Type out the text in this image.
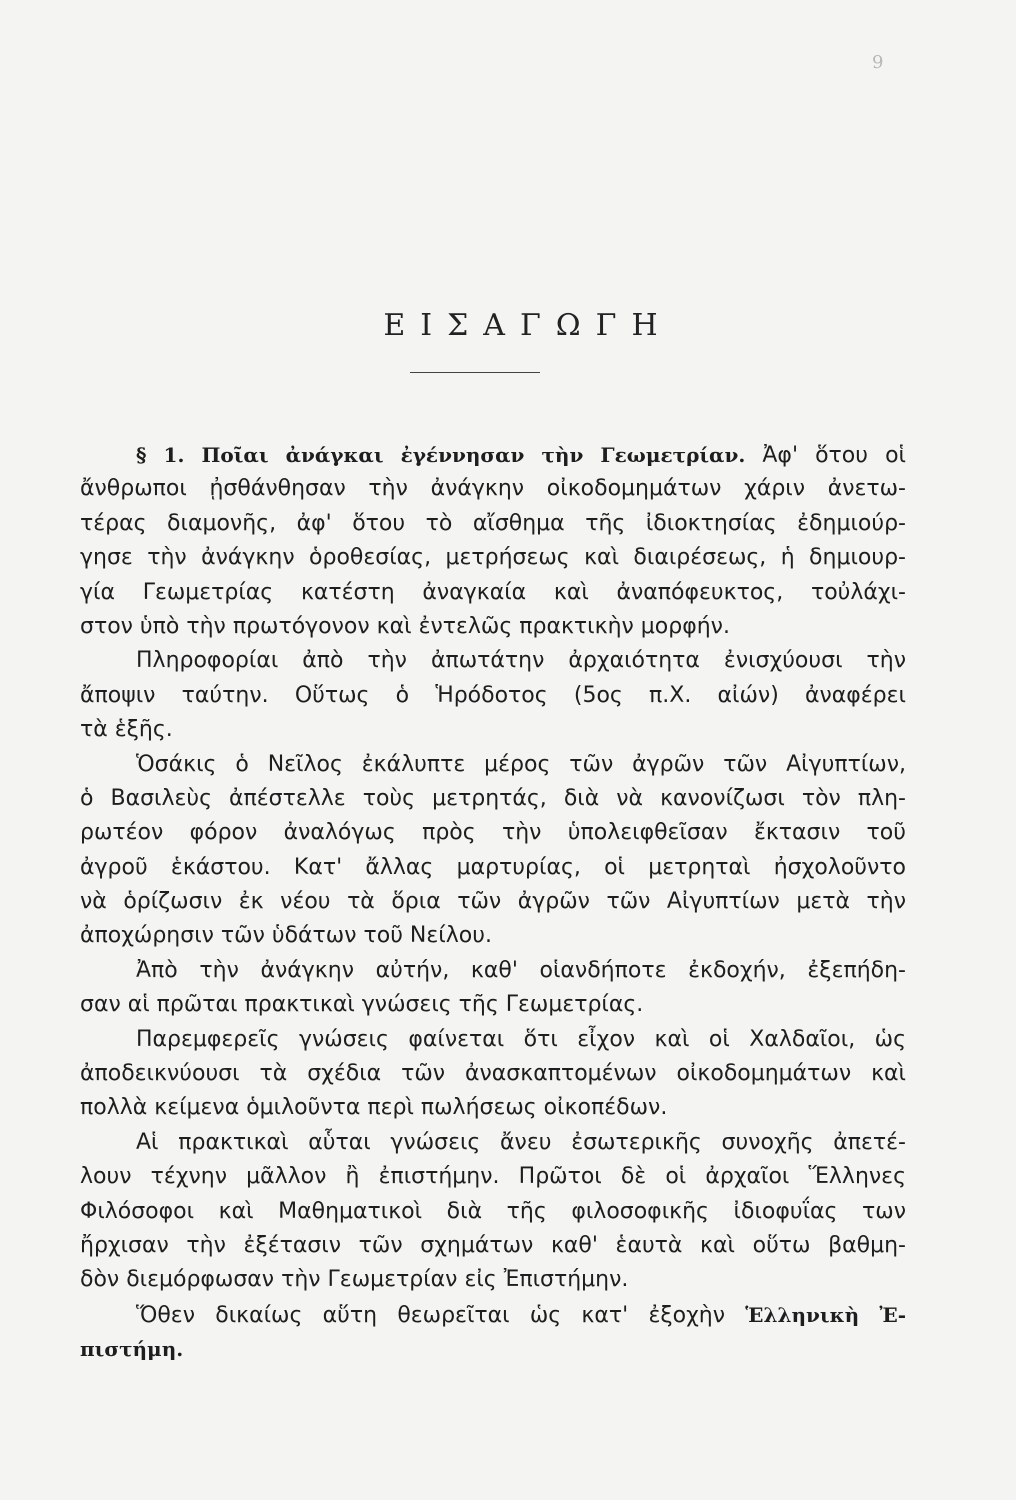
9
ΕΙΣΑΓΩΓΗ
§ 1. Ποῖαι ἀνάγκαι ἐγέννησαν τὴν Γεωμετρίαν. Ἀφ' ὅτου οἱ
ἄνθρωποι ᾐσθάνθησαν τὴν ἀνάγκην οἰκοδομημάτων χάριν ἀνετω-
τέρας διαμονῆς, ἀφ' ὅτου τὸ αἴσθημα τῆς ἰδιοκτησίας ἐδημιούρ-
γησε τὴν ἀνάγκην ὁροθεσίας, μετρήσεως καὶ διαιρέσεως, ἡ δημιουρ-
γία Γεωμετρίας κατέστη ἀναγκαία καὶ ἀναπόφευκτος, τοὐλάχι-
στον ὑπὸ τὴν πρωτόγονον καὶ ἐντελῶς πρακτικὴν μορφήν.
Πληροφορίαι ἀπὸ τὴν ἀπωτάτην ἀρχαιότητα ἐνισχύουσι τὴν
ἄποψιν ταύτην. Οὕτως ὁ Ἡρόδοτος (5ος π.Χ. αἰών) ἀναφέρει
τὰ ἑξῆς.
Ὁσάκις ὁ Νεῖλος ἐκάλυπτε μέρος τῶν ἀγρῶν τῶν Αἰγυπτίων,
ὁ Βασιλεὺς ἀπέστελλε τοὺς μετρητάς, διὰ νὰ κανονίζωσι τὸν πλη-
ρωτέον φόρον ἀναλόγως πρὸς τὴν ὑπολειφθεῖσαν ἔκτασιν τοῦ
ἀγροῦ ἑκάστου. Κατ' ἄλλας μαρτυρίας, οἱ μετρηταὶ ἠσχολοῦντο
νὰ ὁρίζωσιν ἐκ νέου τὰ ὅρια τῶν ἀγρῶν τῶν Αἰγυπτίων μετὰ τὴν
ἀποχώρησιν τῶν ὑδάτων τοῦ Νείλου.
Ἀπὸ τὴν ἀνάγκην αὐτήν, καθ' οἱανδήποτε ἐκδοχήν, ἐξεπήδη-
σαν αἱ πρῶται πρακτικαὶ γνώσεις τῆς Γεωμετρίας.
Παρεμφερεῖς γνώσεις φαίνεται ὅτι εἶχον καὶ οἱ Χαλδαῖοι, ὡς
ἀποδεικνύουσι τὰ σχέδια τῶν ἀνασκαπτομένων οἰκοδομημάτων καὶ
πολλὰ κείμενα ὁμιλοῦντα περὶ πωλήσεως οἰκοπέδων.
Αἱ πρακτικαὶ αὗται γνώσεις ἄνευ ἐσωτερικῆς συνοχῆς ἀπετέ-
λουν τέχνην μᾶλλον ἢ ἐπιστήμην. Πρῶτοι δὲ οἱ ἀρχαῖοι Ἕλληνες
Φιλόσοφοι καὶ Μαθηματικοὶ διὰ τῆς φιλοσοφικῆς ἰδιοφυΐας των
ἤρχισαν τὴν ἐξέτασιν τῶν σχημάτων καθ' ἑαυτὰ καὶ οὕτω βαθμη-
δὸν διεμόρφωσαν τὴν Γεωμετρίαν εἰς Ἐπιστήμην.
Ὅθεν δικαίως αὕτη θεωρεῖται ὡς κατ' ἐξοχὴν Ἑλληνικὴ Ἐ-
πιστήμη.
